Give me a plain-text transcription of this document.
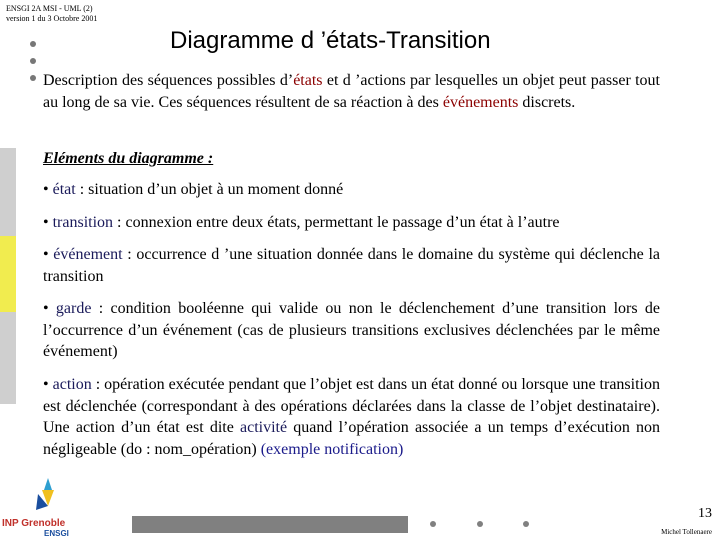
ENSGI 2A MSI - UML (2)
version 1 du 3 Octobre 2001
Diagramme d ’états-Transition
Description des séquences possibles d’états et d ’actions par lesquelles un objet peut passer tout au long de sa vie. Ces séquences résultent de sa réaction à des événements discrets.
Eléments du diagramme :
• état : situation d’un objet à un moment donné
• transition : connexion entre deux états, permettant le passage d’un état à l’autre
• événement : occurrence d ’une situation donnée dans le domaine du système qui déclenche la transition
• garde : condition booléenne qui valide ou non le déclenchement d’une transition lors de l’occurrence d’un événement (cas de plusieurs transitions exclusives déclenchées par le même événement)
• action : opération exécutée pendant que l’objet est dans un état donné ou lorsque une transition est déclenchée (correspondant à des opérations déclarées dans la classe de l’objet destinataire). Une action d’un état est dite activité quand l’opération associée a un temps d’exécution non négligeable (do : nom_opération) (exemple notification)
INP Grenoble
ENSGI
13
Michel Tollenaere
